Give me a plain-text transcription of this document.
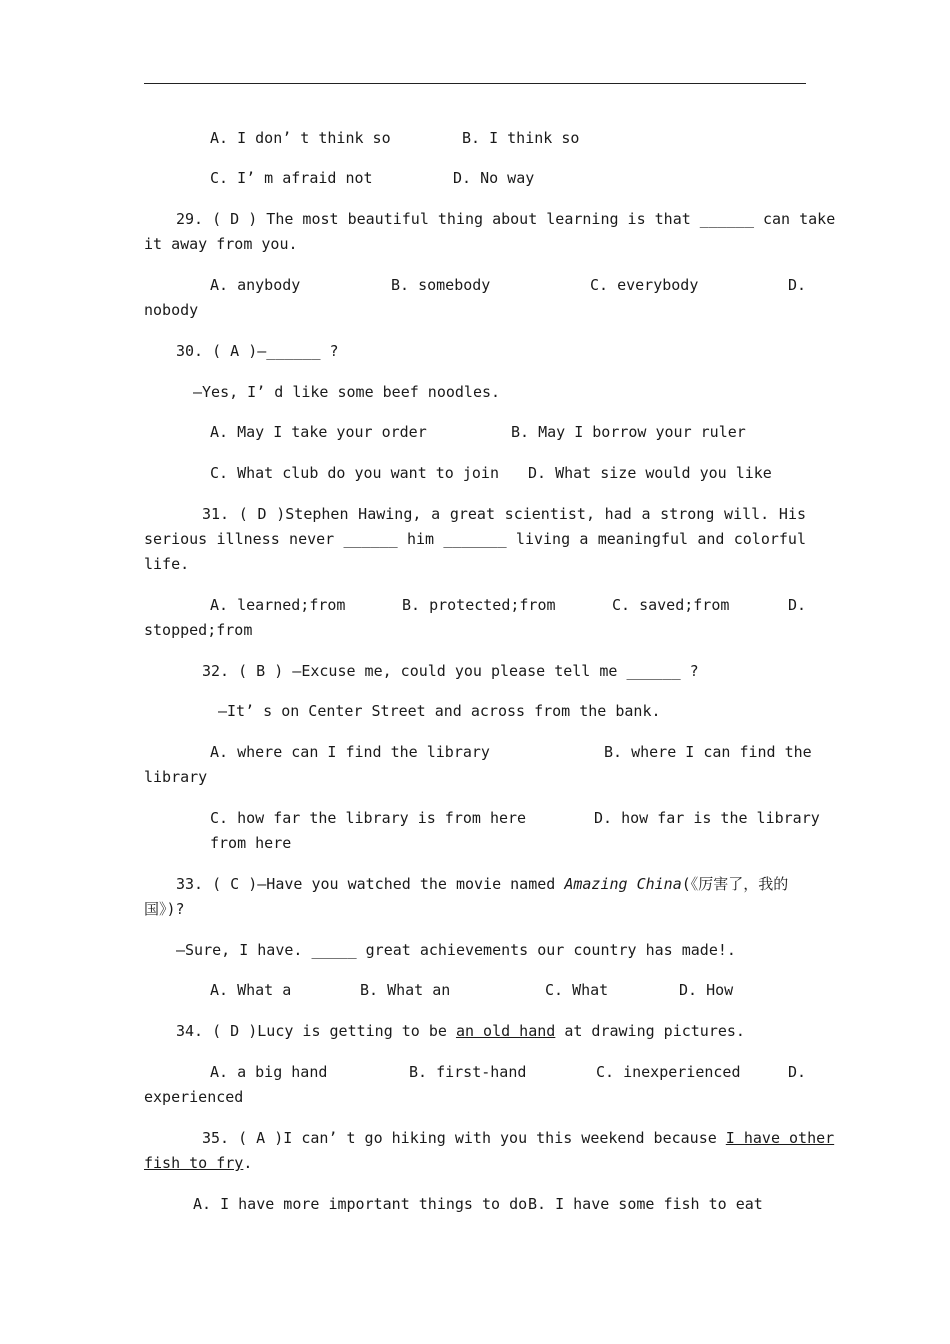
A. I don’ t think so	B. I think so
C. I’ m afraid not	D. No way
29. ( D ) The most beautiful thing about learning is that ______ can take
it away from you.
A. anybody	B. somebody	C. everybody	D.
nobody
30. ( A )—______ ?
—Yes, I’ d like some beef noodles.
A. May I take your order	B. May I borrow your ruler
C. What club do you want to join D. What size would you like
31. ( D )Stephen Hawing, a great scientist, had a strong will. His
serious illness never ______ him _______ living a meaningful and colorful
life.
A. learned;from	B. protected;from	C. saved;from	D.
stopped;from
32. ( B ) —Excuse me, could you please tell me ______ ?
—It’ s on Center Street and across from the bank.
A. where can I find the library	B. where I can find the
library
C. how far the library is from here	D. how far is the library
from here
33. ( C )—Have you watched the movie named Amazing China(《厉害了，我的
国》)?
—Sure, I have. _____ great achievements our country has made!.
A. What a	B. What an	C. What	D. How
34. ( D )Lucy is getting to be an old hand at drawing pictures.
A. a big hand	B. first-hand	C. inexperienced	D.
experienced
35. ( A )I can’ t go hiking with you this weekend because I have other
fish to fry.
A. I have more important things to do B. I have some fish to eat
